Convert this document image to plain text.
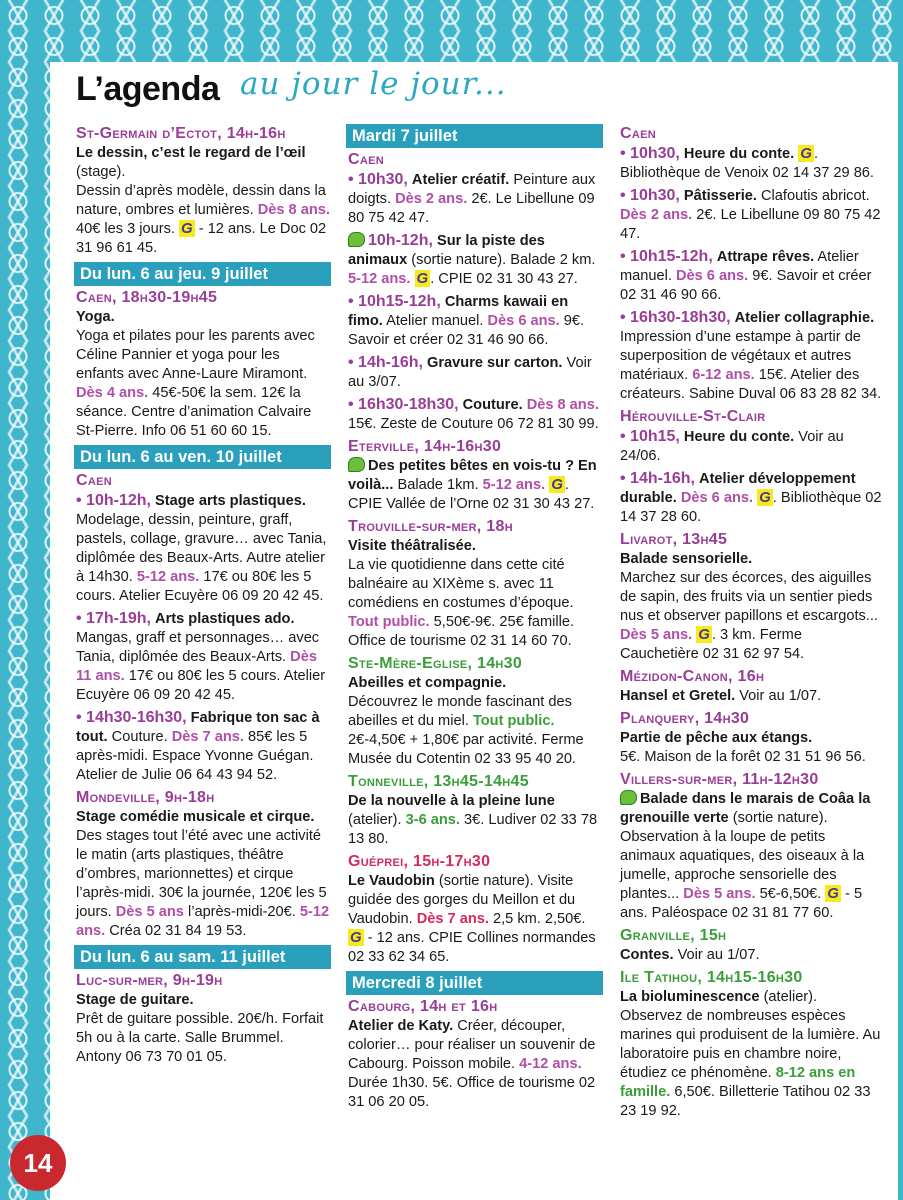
L’agenda au jour le jour...
St-Germain d’Ectot, 14h-16h

Le dessin, c’est le regard de l’œil (stage).
Dessin d’après modèle, dessin dans la nature, ombres et lumières. Dès 8 ans. 40€ les 3 jours. G - 12 ans. Le Doc 02 31 96 61 45.

Du lun. 6 au jeu. 9 juillet
Caen, 18h30-19h45

Yoga.
Yoga et pilates pour les parents avec Céline Pannier et yoga pour les enfants avec Anne-Laure Miramont. Dès 4 ans. 45€-50€ la sem. 12€ la séance. Centre d’animation Calvaire St-Pierre. Info 06 51 60 60 15.

Du lun. 6 au ven. 10 juillet
Caen

• 10h-12h, Stage arts plastiques. Modelage, dessin, peinture, graff, pastels, collage, gravure… avec Tania, diplômée des Beaux-Arts. Autre atelier à 14h30. 5-12 ans. 17€ ou 80€ les 5 cours. Atelier Ecuyère 06 09 20 42 45.

• 17h-19h, Arts plastiques ado. Mangas, graff et personnages… avec Tania, diplômée des Beaux-Arts. Dès 11 ans. 17€ ou 80€ les 5 cours. Atelier Ecuyère 06 09 20 42 45.

• 14h30-16h30, Fabrique ton sac à tout. Couture. Dès 7 ans. 85€ les 5 après-midi. Espace Yvonne Guégan. Atelier de Julie 06 64 43 94 52.

Mondeville, 9h-18h

Stage comédie musicale et cirque. Des stages tout l’été avec une activité le matin (arts plastiques, théâtre d’ombres, marionnettes) et cirque l’après-midi. 30€ la journée, 120€ les 5 jours. Dès 5 ans l’après-midi-20€. 5-12 ans. Créa 02 31 84 19 53.

Du lun. 6 au sam. 11 juillet
Luc-sur-mer, 9h-19h

Stage de guitare.
Prêt de guitare possible. 20€/h. Forfait 5h ou à la carte. Salle Brummel. Antony 06 73 70 01 05.

Mardi 7 juillet
Caen

• 10h30, Atelier créatif. Peinture aux doigts. Dès 2 ans. 2€. Le Libellune 09 80 75 42 47.

10h-12h, Sur la piste des animaux (sortie nature). Balade 2 km. 5-12 ans. G . CPIE 02 31 30 43 27.

• 10h15-12h, Charms kawaii en fimo. Atelier manuel. Dès 6 ans. 9€. Savoir et créer 02 31 46 90 66.

• 14h-16h, Gravure sur carton. Voir au 3/07.

• 16h30-18h30, Couture. Dès 8 ans. 15€. Zeste de Couture 06 72 81 30 99.

Eterville, 14h-16h30

Des petites bêtes en vois-tu ? En voilà... Balade 1km. 5-12 ans. G . CPIE Vallée de l’Orne 02 31 30 43 27.

Trouville-sur-mer, 18h

Visite théâtralisée.
La vie quotidienne dans cette cité balnéaire au XIXème s. avec 11 comédiens en costumes d’époque. Tout public. 5,50€-9€. 25€ famille. Office de tourisme 02 31 14 60 70.

Ste-Mère-Eglise, 14h30

Abeilles et compagnie.
Découvrez le monde fascinant des abeilles et du miel. Tout public. 2€-4,50€ + 1,80€ par activité. Ferme Musée du Cotentin 02 33 95 40 20.

Tonneville, 13h45-14h45

De la nouvelle à la pleine lune (atelier). 3-6 ans. 3€. Ludiver 02 33 78 13 80.

Guéprei, 15h-17h30

Le Vaudobin (sortie nature). Visite guidée des gorges du Meillon et du Vaudobin. Dès 7 ans. 2,5 km. 2,50€. G - 12 ans. CPIE Collines normandes 02 33 62 34 65.

Mercredi 8 juillet
Cabourg, 14h et 16h

Atelier de Katy. Créer, découper, colorier… pour réaliser un souvenir de Cabourg. Poisson mobile. 4-12 ans. Durée 1h30. 5€. Office de tourisme 02 31 06 20 05.

Caen

• 10h30, Heure du conte. G . Bibliothèque de Venoix 02 14 37 29 86.

• 10h30, Pâtisserie. Clafoutis abricot. Dès 2 ans. 2€. Le Libellune 09 80 75 42 47.

• 10h15-12h, Attrape rêves. Atelier manuel. Dès 6 ans. 9€. Savoir et créer 02 31 46 90 66.

• 16h30-18h30, Atelier collagraphie. Impression d’une estampe à partir de superposition de végétaux et autres matériaux. 6-12 ans. 15€. Atelier des créateurs. Sabine Duval 06 83 28 82 34.

Hérouville-St-Clair

• 10h15, Heure du conte. Voir au 24/06.

• 14h-16h, Atelier développement durable. Dès 6 ans. G . Bibliothèque 02 14 37 28 60.

Livarot, 13h45

Balade sensorielle.
Marchez sur des écorces, des aiguilles de sapin, des fruits via un sentier pieds nus et observer papillons et escargots... Dès 5 ans. G . 3 km. Ferme Cauchetière 02 31 62 97 54.

Mézidon-Canon, 16h

Hansel et Gretel. Voir au 1/07.

Planquery, 14h30

Partie de pêche aux étangs.
5€. Maison de la forêt 02 31 51 96 56.

Villers-sur-mer, 11h-12h30

Balade dans le marais de Coâa la grenouille verte (sortie nature). Observation à la loupe de petits animaux aquatiques, des oiseaux à la jumelle, approche sensorielle des plantes... Dès 5 ans. 5€-6,50€. G - 5 ans. Paléospace 02 31 81 77 60.

Granville, 15h

Contes. Voir au 1/07.

Ile Tatihou, 14h15-16h30

La bioluminescence (atelier). Observez de nombreuses espèces marines qui produisent de la lumière. Au laboratoire puis en chambre noire, étudiez ce phénomène. 8-12 ans en famille. 6,50€. Billetterie Tatihou 02 33 23 19 92.

14
